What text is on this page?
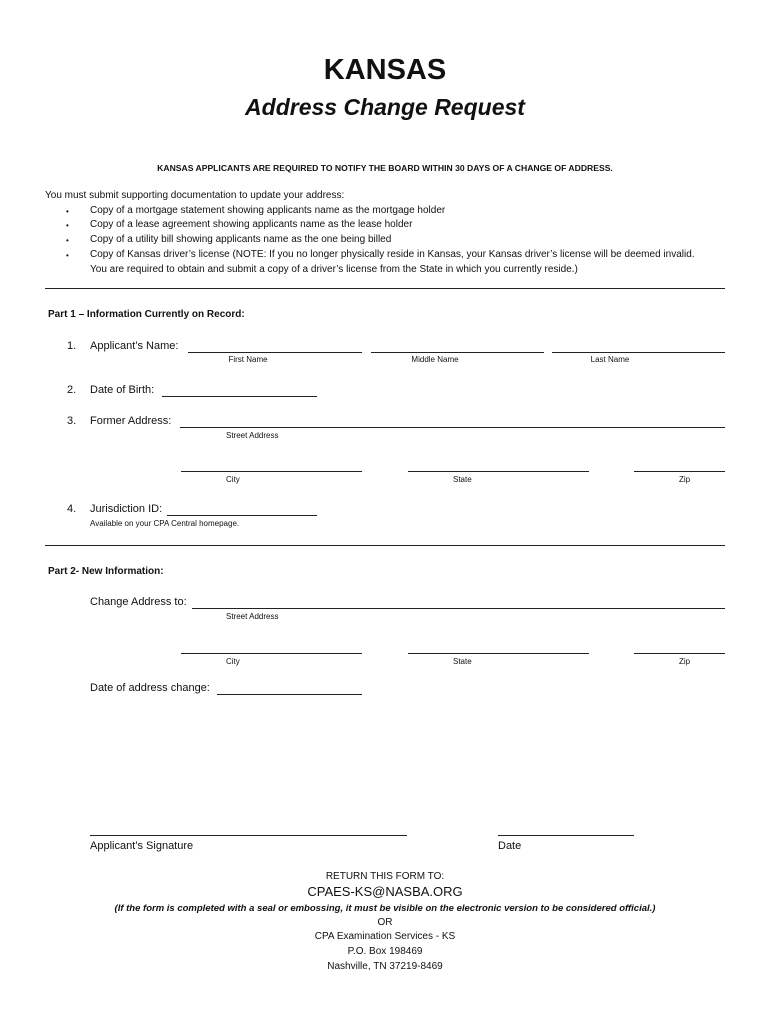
KANSAS
Address Change Request
KANSAS APPLICANTS ARE REQUIRED TO NOTIFY THE BOARD WITHIN 30 DAYS OF A CHANGE OF ADDRESS.
You must submit supporting documentation to update your address:
• Copy of a mortgage statement showing applicants name as the mortgage holder
• Copy of a lease agreement showing applicants name as the lease holder
• Copy of a utility bill showing applicants name as the one being billed
• Copy of Kansas driver’s license (NOTE: If you no longer physically reside in Kansas, your Kansas driver’s license will be deemed invalid.
You are required to obtain and submit a copy of a driver’s license from the State in which you currently reside.)
Part 1 – Information Currently on Record:
1. Applicant’s Name:
First Name	Middle Name	Last Name
2. Date of Birth:
3. Former Address:
Street Address
City	State	Zip
4. Jurisdiction ID:
Available on your CPA Central homepage.
Part 2- New Information:
Change Address to:
Street Address
City	State	Zip
Date of address change:
Applicant’s Signature	Date
RETURN THIS FORM TO:
CPAES-KS@NASBA.ORG
(If the form is completed with a seal or embossing, it must be visible on the electronic version to be considered official.)
OR
CPA Examination Services - KS
P.O. Box 198469
Nashville, TN 37219-8469
